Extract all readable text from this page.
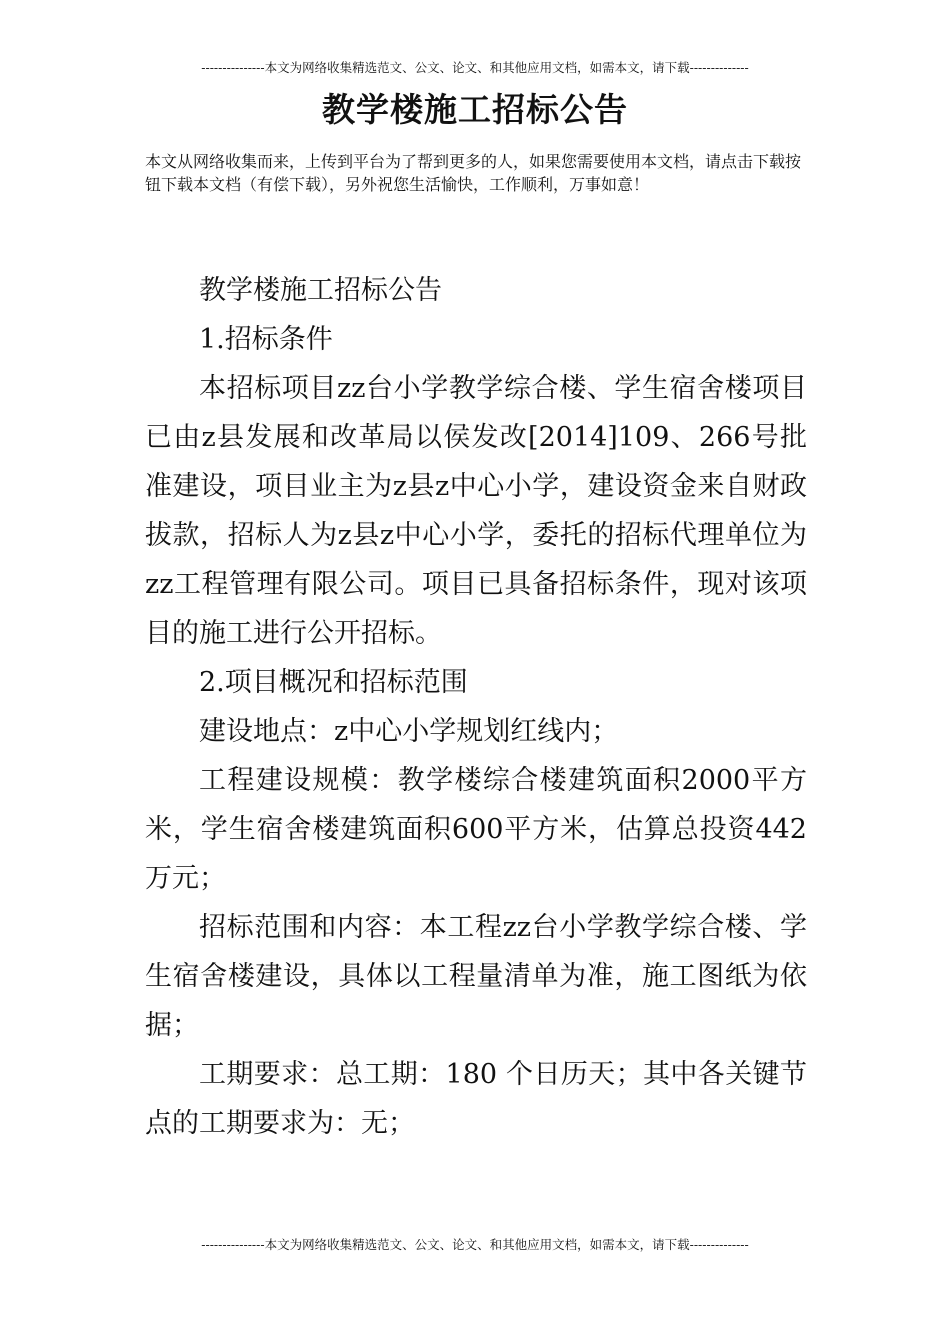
---------------本文为网络收集精选范文、公文、论文、和其他应用文档，如需本文，请下载--------------
教学楼施工招标公告

本文从网络收集而来，上传到平台为了帮到更多的人，如果您需要使用本文档，请点击下载按钮下载本文档（有偿下载），另外祝您生活愉快，工作顺利，万事如意！

教学楼施工招标公告

1.招标条件

本招标项目zz台小学教学综合楼、学生宿舍楼项目已由z县发展和改革局以侯发改[2014]109、266号批准建设，项目业主为z县z中心小学，建设资金来自财政拔款，招标人为z县z中心小学，委托的招标代理单位为zz工程管理有限公司。项目已具备招标条件，现对该项目的施工进行公开招标。

2.项目概况和招标范围

建设地点：z中心小学规划红线内；

工程建设规模：教学楼综合楼建筑面积2000平方米，学生宿舍楼建筑面积600平方米，估算总投资442万元；

招标范围和内容：本工程zz台小学教学综合楼、学生宿舍楼建设，具体以工程量清单为准，施工图纸为依据；

工期要求：总工期：180 个日历天；其中各关键节点的工期要求为：无；

---------------本文为网络收集精选范文、公文、论文、和其他应用文档，如需本文，请下载--------------
